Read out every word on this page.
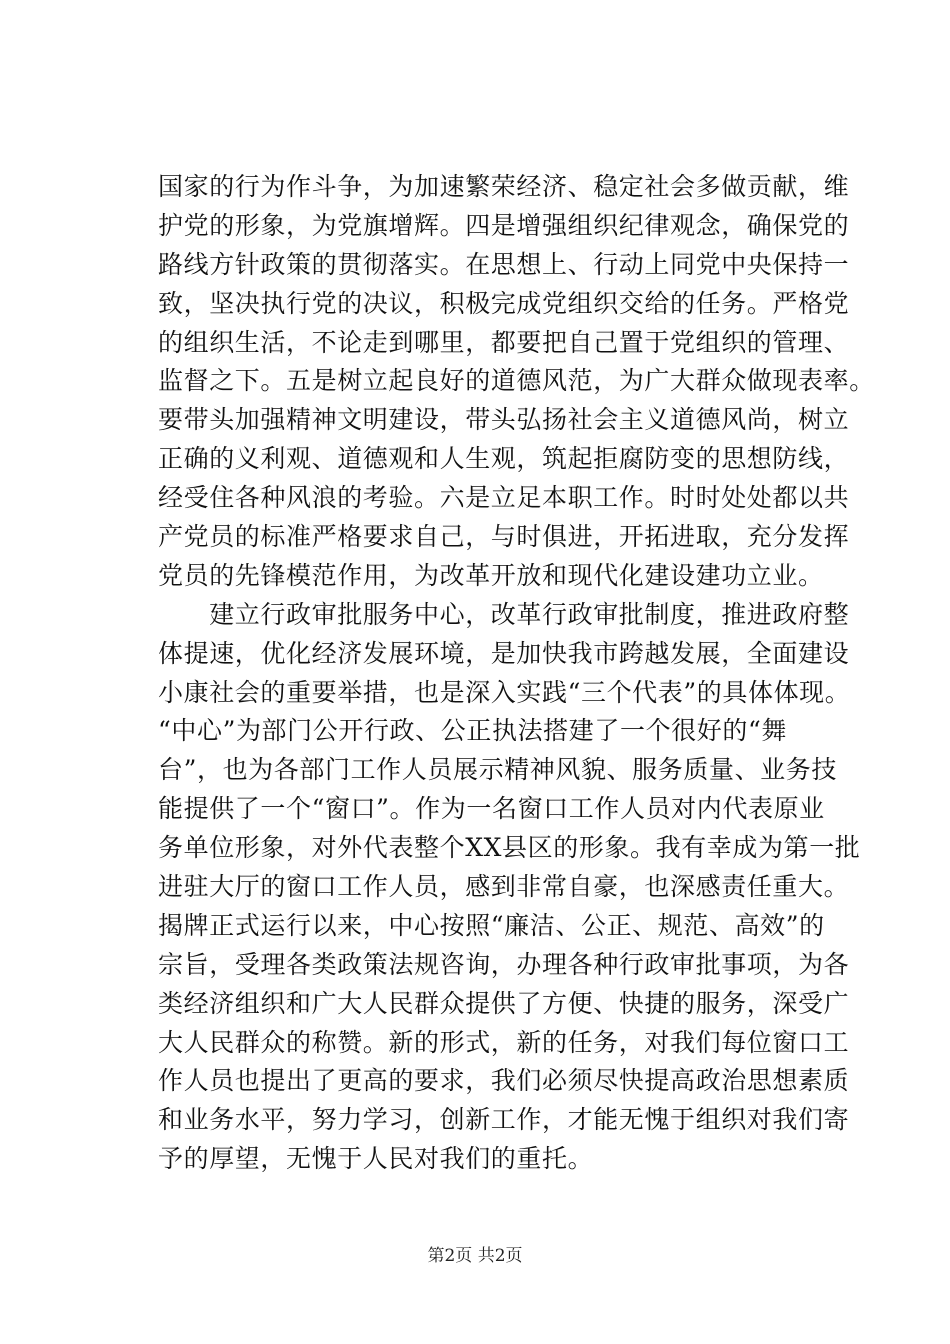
国家的行为作斗争，为加速繁荣经济、稳定社会多做贡献，维
护党的形象，为党旗增辉。四是增强组织纪律观念，确保党的
路线方针政策的贯彻落实。在思想上、行动上同党中央保持一
致，坚决执行党的决议，积极完成党组织交给的任务。严格党
的组织生活，不论走到哪里，都要把自己置于党组织的管理、
监督之下。五是树立起良好的道德风范，为广大群众做现表率。
要带头加强精神文明建设，带头弘扬社会主义道德风尚，树立
正确的义利观、道德观和人生观，筑起拒腐防变的思想防线，
经受住各种风浪的考验。六是立足本职工作。时时处处都以共
产党员的标准严格要求自己，与时俱进，开拓进取，充分发挥
党员的先锋模范作用，为改革开放和现代化建设建功立业。
　　建立行政审批服务中心，改革行政审批制度，推进政府整
体提速，优化经济发展环境，是加快我市跨越发展，全面建设
小康社会的重要举措，也是深入实践“三个代表”的具体体现。
“中心”为部门公开行政、公正执法搭建了一个很好的“舞
台”，也为各部门工作人员展示精神风貌、服务质量、业务技
能提供了一个“窗口”。作为一名窗口工作人员对内代表原业
务单位形象，对外代表整个XX县区的形象。我有幸成为第一批
进驻大厅的窗口工作人员，感到非常自豪，也深感责任重大。
揭牌正式运行以来，中心按照“廉洁、公正、规范、高效”的
宗旨，受理各类政策法规咨询，办理各种行政审批事项，为各
类经济组织和广大人民群众提供了方便、快捷的服务，深受广
大人民群众的称赞。新的形式，新的任务，对我们每位窗口工
作人员也提出了更高的要求，我们必须尽快提高政治思想素质
和业务水平，努力学习，创新工作，才能无愧于组织对我们寄
予的厚望，无愧于人民对我们的重托。
第2页 共2页
